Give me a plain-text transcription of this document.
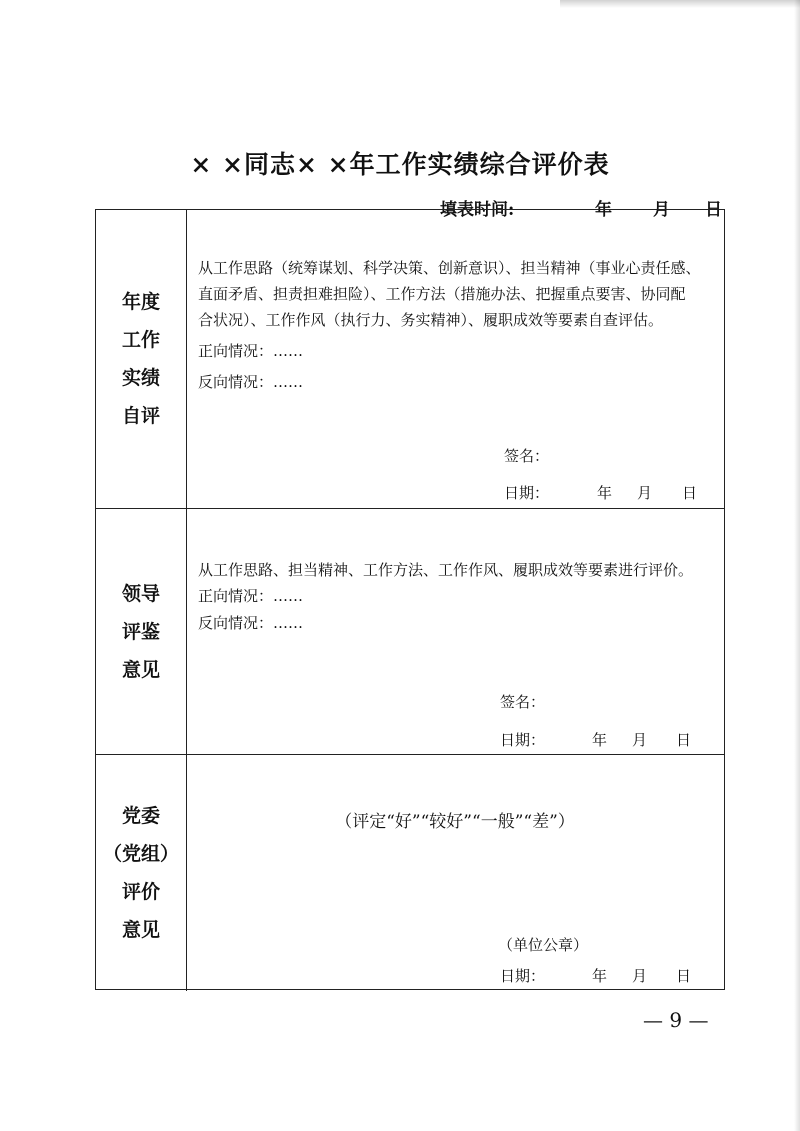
× ×同志× ×年工作实绩综合评价表
填表时间:	年 月 日
年度
工作
实绩
自评
从工作思路（统筹谋划、科学决策、创新意识）、担当精神（事业心责任感、
直面矛盾、担责担难担险）、工作方法（措施办法、把握重点要害、协同配
合状况）、工作作风（执行力、务实精神）、履职成效等要素自查评估。
正向情况：……
反向情况：……
签名：
日期：	年 月 日
领导
评鉴
意见
从工作思路、担当精神、工作方法、工作作风、履职成效等要素进行评价。
正向情况：……
反向情况：……
签名：
日期：	年 月 日
党委
（党组）
评价
意见
（评定“好”“较好”“一般”“差”）
（单位公章）
日期：	年 月 日
— 9 —
